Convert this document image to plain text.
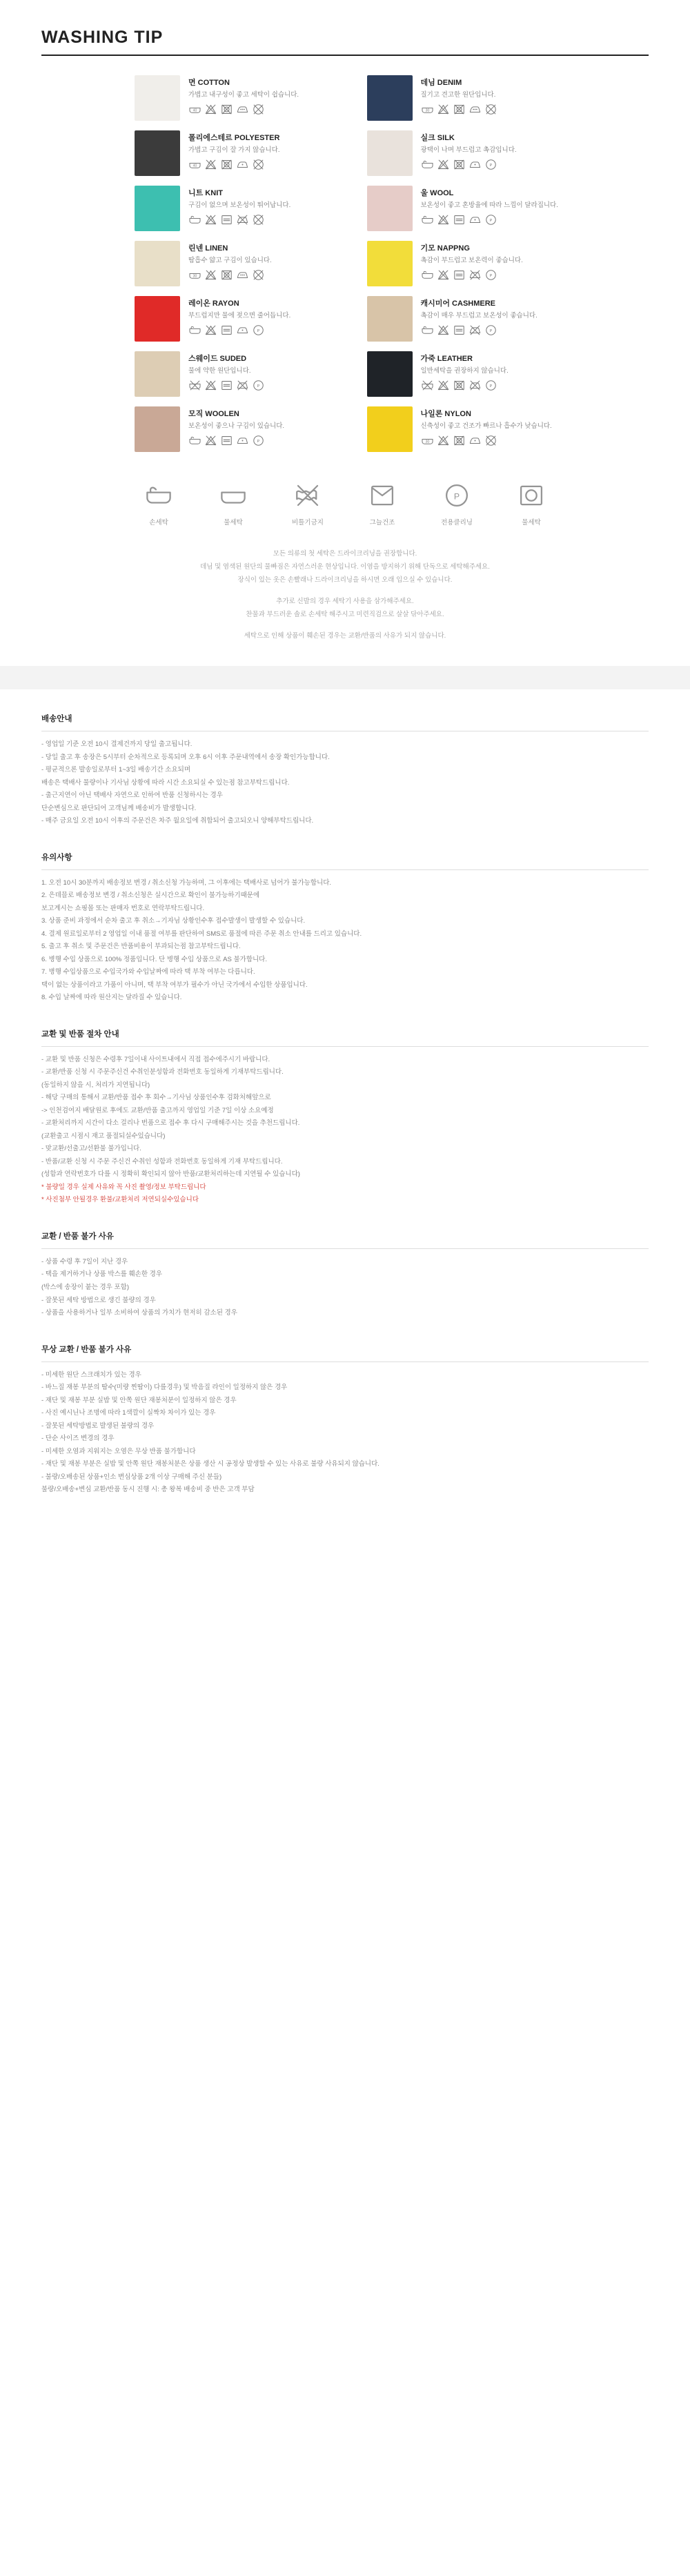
WASHING TIP
면 COTTON
가볍고 내구성이 좋고 세탁이 쉽습니다.
40
데님 DENIM
질기고 견고한 원단입니다.
30
폴리에스테르 POLYESTER
가볍고 구김이 잘 가지 않습니다.
40
실크 SILK
광택이 나며 부드럽고 촉감입니다.
P
니트 KNIT
구김이 없으며 보온성이 뛰어납니다.
울 WOOL
보온성이 좋고 혼방율에 따라 느낌이 달라집니다.
P
린넨 LINEN
땀흡수 얇고 구김이 있습니다.
30
기모 NAPPNG
촉감이 부드럽고 보온력이 좋습니다.
P
레이온 RAYON
부드럽지만 물에 젖으면 줄어듭니다.
P
캐시미어 CASHMERE
촉감이 매우 부드럽고 보온성이 좋습니다.
P
스웨이드 SUDED
물에 약한 원단입니다.
P
가죽 LEATHER
일반세탁을 권장하지 않습니다.
P
모직 WOOLEN
보온성이 좋으나 구김이 있습니다.
P
나일론 NYLON
신축성이 좋고 건조가 빠르나 흡수가 낮습니다.
30
손세탁	물세탁	비틀기금지	그늘건조
P
전용클리닝	물세탁

모든 의류의 첫 세탁은 드라이크리닝을 권장합니다.

데님 및 염색된 원단의 물빠짐은 자연스러운 현상입니다. 이염을 방지하기 위해 단독으로 세탁해주세요.

장식이 있는 옷은 손빨래나 드라이크리닝을 하시면 오래 입으실 수 있습니다.

추가로 신발의 경우 세탁기 사용을 삼가해주세요.

찬물과 부드러운 솔로 손세탁 해주시고 미련직검으로 살살 닦아주세요.

세탁으로 인해 상품이 훼손된 경우는 교환/반품의 사유가 되지 않습니다.

배송안내
- 영업일 기준 오전 10시 결제건까지 당일 출고됩니다.
- 당일 출고 후 송장은 5시부터 순차적으로 등록되며 오후 6시 이후 주문내역에서 송장 확인가능합니다.
- 평균적으론 발송일로부터 1~3일 배송기간 소요되며
배송은 택배사 물량이나 기사님 상황에 따라 시간 소요되실 수 있는점 참고부탁드립니다.
- 출근지연이 아닌 택배사 자연으로 인하여 반품 신청하시는 경우
단순변심으로 판단되어 고객님께 배송비가 발생합니다.
- 매주 금요일 오전 10시 이후의 주문건은 차주 월요일에 취합되어 출고되오니 양해부탁드립니다.
유의사항
1. 오전 10시 30분까지 배송정보 변경 / 취소신청 가능하며, 그 이후에는 택배사로 넘어가 불가능합니다.
2. 은데믈로 배송정보 변경 / 취소신청은 실시간으로 확인이 불가능하기때문에
보고계시는 쇼핑몰 또는 판매자 번호로 연락부탁드립니다.
3. 상품 준비 과정에서 순차 출고 후 취소→기자님 상황인수후 접수발생이 발생할 수 있습니다.
4. 결제 원료일로부터 2 영업일 이내 품절 여부를 판단하여 SMS로 품절에 따른 주문 취소 안내를 드리고 있습니다.
5. 출고 후 취소 및 주문건은 반품비용이 부과되는점 참고부탁드립니다.
6. 병행 수입 상품으로 100% 정품입니다. 단 병행 수입 상품으로 AS 불가합니다.
7. 병행 수입상품으로 수입국가와 수입날짜에 따라 택 부착 여부는 다릅니다.
택이 없는 상품이라고 가품이 아니며, 택 부착 여부가 필수가 아닌 국가에서 수입한 상품입니다.
8. 수입 날짜에 따라 원산지는 달라질 수 있습니다.
교환 및 반품 절차 안내
- 교환 및 반품 신청은 수령후 7일이내 사이트내에서 직접 접수에주시기 바랍니다.
- 교환/반품 신청 시 주문주신건 수취인분성함과 전화번호 동일하게 기재부탁드립니다.
(동일하지 않을 시, 처리가 지연됩니다)
- 해당 구매의 통해서 교환/반품 접수 후 회수→기사님 상품인수후 검화처해앞으로
-> 인천검여지 배달원로 후에도 교환/반품 출고까지 영업일 기준 7일 이상 소요예정
- 교환처리까지 시간이 다소 걸리나 번품으로 접수 후 다시 구매해주시는 것을 추천드립니다.
(교환출고 시점시 재고 품절되실수있습니다)
- 맞교환/선출고/선환불 불가입니다.
- 반품/교환 신청 시 주문 주신건 수취인 성함과 전화번호 동일하게 기재 부탁드립니다.
(성함과 연락번호가 다를 시 정확히 확인되지 않아 반품/교환처리하는데 지연될 수 있습니다)
* 불량일 경우 실제 사유와 꼭 사진 촬영/정보 부탁드립니다
* 사진첨부 안될경우 환불/교환처리 저연되실수있습니다
교환 / 반품 불가 사유
- 상품 수령 후 7일이 지난 경우
- 택을 제거하거나 상품 박스를 훼손한 경우
(박스에 송장이 붙는 경우 포함)
- 잘못된 세탁 방법으로 생긴 불량의 경우
- 상품을 사용하거나 일부 소비하여 상품의 가치가 현저히 감소된 경우
무상 교환 / 반품 불가 사유
- 미세한 원단 스크래치가 있는 경우
- 바느질 재봉 부분의 땀수(미량 찐땀이) 다를경우) 및 박음질 라인이 일정하지 않은 경우
- 재단 및 재봉 부분 실밥 및 안쪽 원단 재봉처분이 일정하지 않은 경우
- 사진 예시닌나 조명에 따라 1색깔이 실짝차 차이가 있는 경우
- 잘못된 세탁방법로 발생된 불량의 경우
- 단순 사이즈 변경의 경우
- 미세한 오염과 지워지는 오염은 무상 반품 불가합니다
- 재단 및 재봉 부분은 실밥 및 안쪽 원단 재봉처분은 상품 생산 시 공정상 발생할 수 있는 사유로 불량 사유되지 않습니다.
- 불량/오배송된 상품+인소 변심상품 2개 이상 구매해 주신 분들)
불량/오배송+변심 교환/반품 동시 진행 시: 총 왕복 배송비 중 반은 고객 부담
